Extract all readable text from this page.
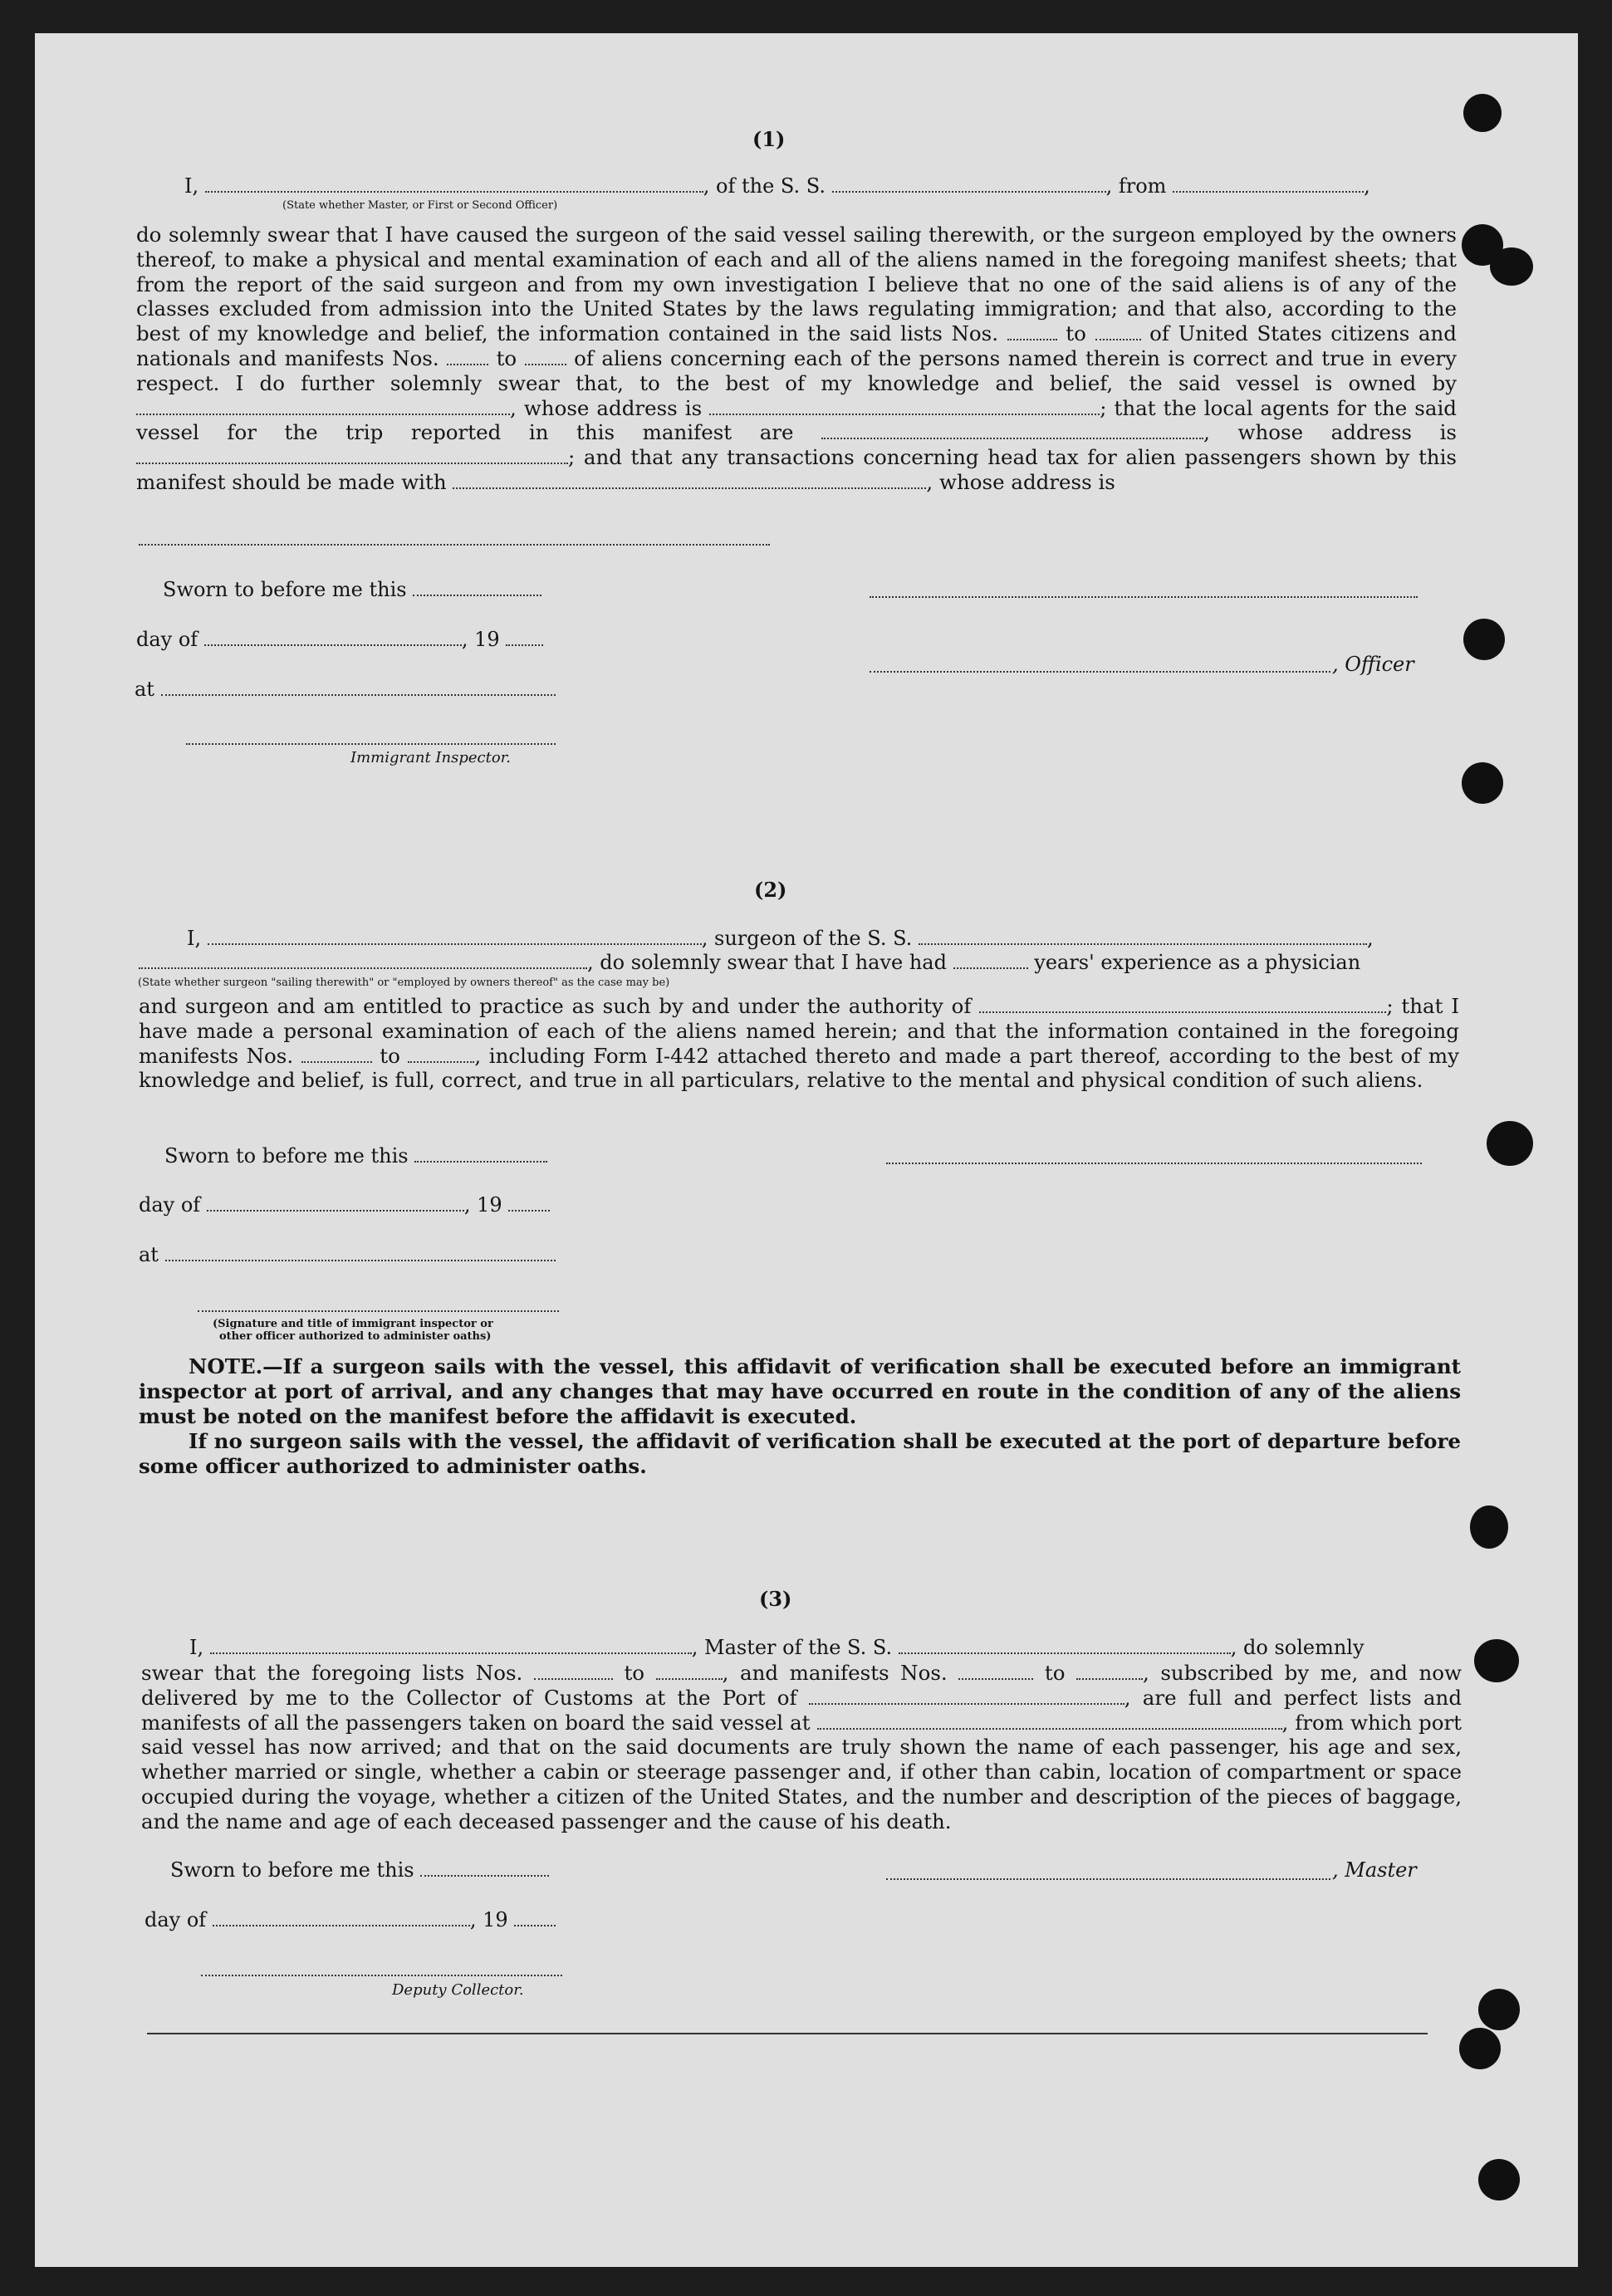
(1)
I,	, of the S. S.	, from	,
(State whether Master, or First or Second Officer)
do solemnly swear that I have caused the surgeon of the said vessel sailing therewith, or the surgeon employed by the owners thereof, to make a physical and mental examination of each and all of the aliens named in the foregoing manifest sheets; that from the report of the said surgeon and from my own investigation I believe that no one of the said aliens is of any of the classes excluded from admission into the United States by the laws regulating immigration; and that also, according to the best of my knowledge and belief, the information contained in the said lists Nos.	to	of United States citizens and nationals and manifests Nos.	to	of aliens concerning each of the persons named therein is correct and true in every respect. I do further solemnly swear that, to the best of my knowledge and belief, the said vessel is owned by , whose address is	; that the local agents for the said vessel for the trip reported in this manifest are	, whose address is ; and that any transactions concerning head tax for alien passengers shown by this manifest should be made with	, whose address is
Sworn to before me this
day of	, 19
, Officer
at
Immigrant Inspector.
(2)
I,	, surgeon of the S. S.	,
, do solemnly swear that I have had	years' experience as a physician
(State whether surgeon "sailing therewith" or "employed by owners thereof" as the case may be)
and surgeon and am entitled to practice as such by and under the authority of	; that I have made a personal examination of each of the aliens named herein; and that the information contained in the foregoing manifests Nos.	to	, including Form I-442 attached thereto and made a part thereof, according to the best of my knowledge and belief, is full, correct, and true in all particulars, relative to the mental and physical condition of such aliens.
Sworn to before me this
day of	, 19
at
(Signature and title of immigrant inspector or
other officer authorized to administer oaths)
NOTE.—If a surgeon sails with the vessel, this affidavit of verification shall be executed before an immigrant inspector at port of arrival, and any changes that may have occurred en route in the condition of any of the aliens must be noted on the manifest before the affidavit is executed.
If no surgeon sails with the vessel, the affidavit of verification shall be executed at the port of departure before some officer authorized to administer oaths.
(3)
I,	, Master of the S. S.	, do solemnly
swear that the foregoing lists Nos.	to	, and manifests Nos.	to	, subscribed by me, and now delivered by me to the Collector of Customs at the Port of	, are full and perfect lists and manifests of all the passengers taken on board the said vessel at	, from which port said vessel has now arrived; and that on the said documents are truly shown the name of each passenger, his age and sex, whether married or single, whether a cabin or steerage passenger and, if other than cabin, location of compartment or space occupied during the voyage, whether a citizen of the United States, and the number and description of the pieces of baggage, and the name and age of each deceased passenger and the cause of his death.
Sworn to before me this	, Master
day of	, 19
Deputy Collector.
